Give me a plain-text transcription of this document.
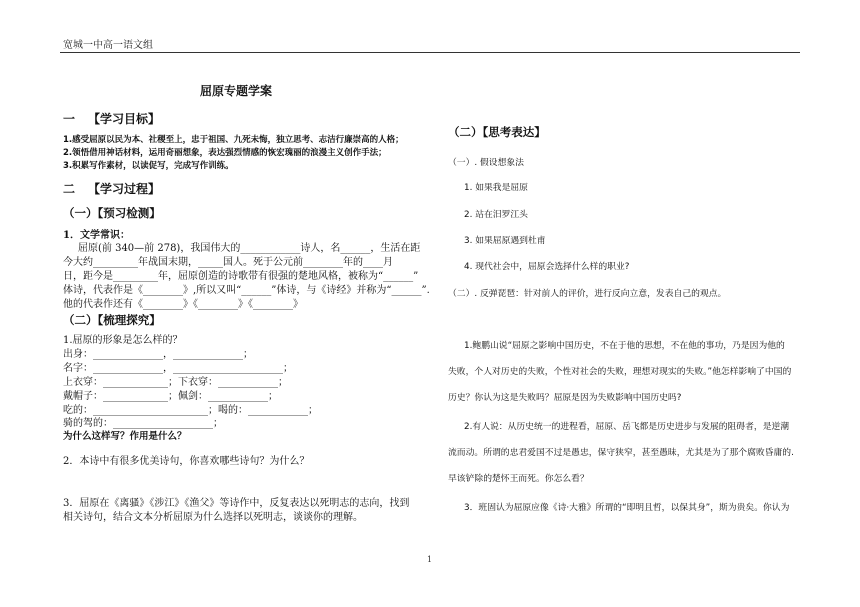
宽城一中高一语文组
屈原专题学案
一 【学习目标】
1.感受屈原以民为本、社稷至上，忠于祖国、九死未悔，独立思考、志洁行廉崇高的人格；
2.领悟借用神话材料，运用奇丽想象，表达强烈情感的恢宏瑰丽的浪漫主义创作手法；
3.积累写作素材，以读促写，完成写作训练。
二 【学习过程】
（一）【预习检测】
1．文学常识：
屈原(前 340—前 278)，我国伟大的____________诗人，名______，生活在距
今大约_________年战国末期，_____国人。死于公元前________年的____月
日，距今是_________年，屈原创造的诗歌带有很强的楚地风格，被称为“______”
体诗，代表作是《________》,所以又叫“______”体诗，与《诗经》并称为“______”.
他的代表作还有《________》《________》《________》
（二）【梳理探究】
1.屈原的形象是怎么样的？
出身：______________，______________；
名字：______________，______________________；
上衣穿：_____________；下衣穿：____________；
戴帽子：_____________；佩剑：____________；
吃的：_______________________；喝的：____________；
骑的驾的：____________________；
为什么这样写？作用是什么？
2．本诗中有很多优美诗句，你喜欢哪些诗句？为什么？
3．屈原在《离骚》《涉江》《渔父》等诗作中，反复表达以死明志的志向，找到
相关诗句，结合文本分析屈原为什么选择以死明志，谈谈你的理解。
（二）【思考表达】
（一）. 假设想象法
1. 如果我是屈原
2. 站在汨罗江头
3. 如果屈原遇到杜甫
4. 现代社会中，屈原会选择什么样的职业?
（二）. 反弹琵琶：针对前人的评价，进行反向立意，发表自己的观点。
1.鲍鹏山说“屈原之影响中国历史，不在于他的思想，不在他的事功，乃是因为他的
失败，个人对历史的失败，个性对社会的失败，理想对现实的失败。”他怎样影响了中国的
历史？你认为这是失败吗？屈原是因为失败影响中国历史吗?
2.有人说：从历史统一的进程看，屈原、岳飞都是历史进步与发展的阻碍者，是逆潮
流而动。所谓的忠君爱国不过是愚忠，保守狭窄，甚至愚昧，尤其是为了那个腐败昏庸的.
早该铲除的楚怀王而死。你怎么看？
3．班固认为屈原应像《诗·大雅》所谓的“即明且哲，以保其身”，斯为贵矣。你认为
1
